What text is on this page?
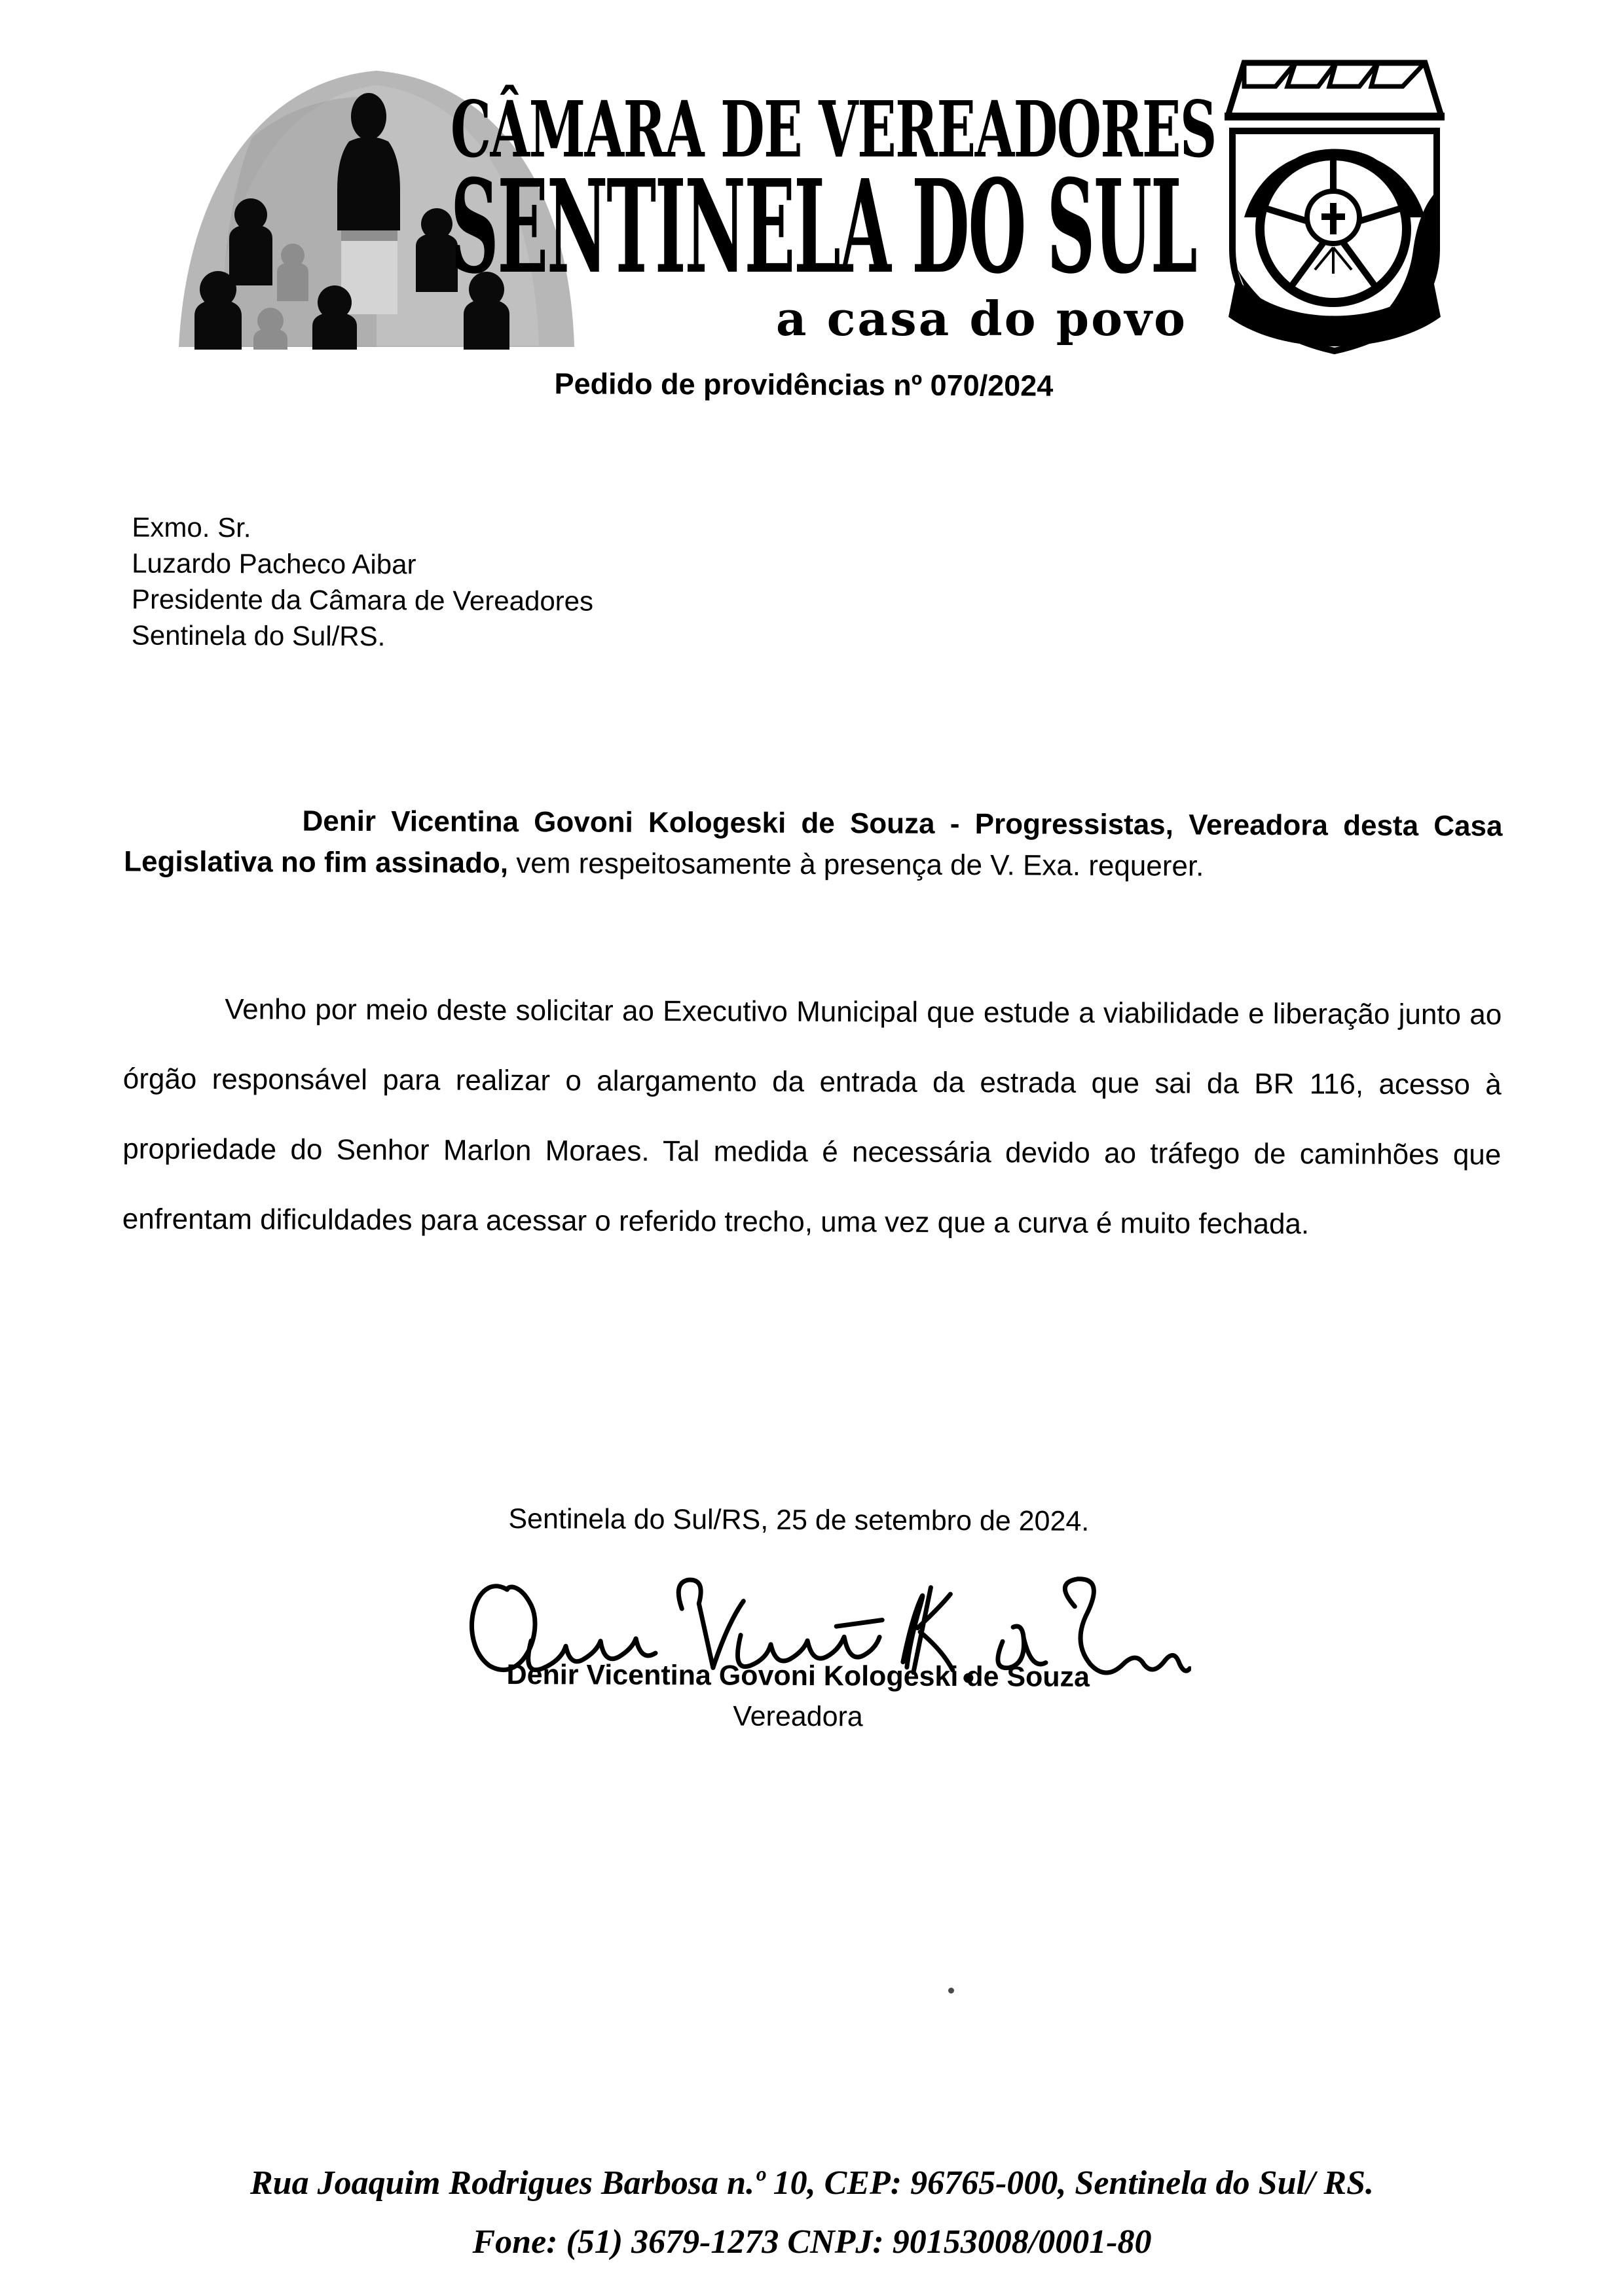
CÂMARA DE VEREADORES
SENTINELA DO SUL
a casa do povo
Pedido de providências nº 070/2024
Exmo. Sr.
Luzardo Pacheco Aibar
Presidente da Câmara de Vereadores
Sentinela do Sul/RS.

Denir Vicentina Govoni Kologeski de Souza - Progressistas, Vereadora desta Casa Legislativa no fim assinado, vem respeitosamente à presença de V. Exa. requerer.

Venho por meio deste solicitar ao Executivo Municipal que estude a viabilidade e liberação junto ao órgão responsável para realizar o alargamento da entrada da estrada que sai da BR 116, acesso à propriedade do Senhor Marlon Moraes. Tal medida é necessária devido ao tráfego de caminhões que enfrentam dificuldades para acessar o referido trecho, uma vez que a curva é muito fechada.

Sentinela do Sul/RS, 25 de setembro de 2024.
Denir Vicentina Govoni Kologeski de Souza
Vereadora
Rua Joaquim Rodrigues Barbosa n.º 10, CEP: 96765-000, Sentinela do Sul/ RS.
Fone: (51) 3679-1273 CNPJ: 90153008/0001-80
